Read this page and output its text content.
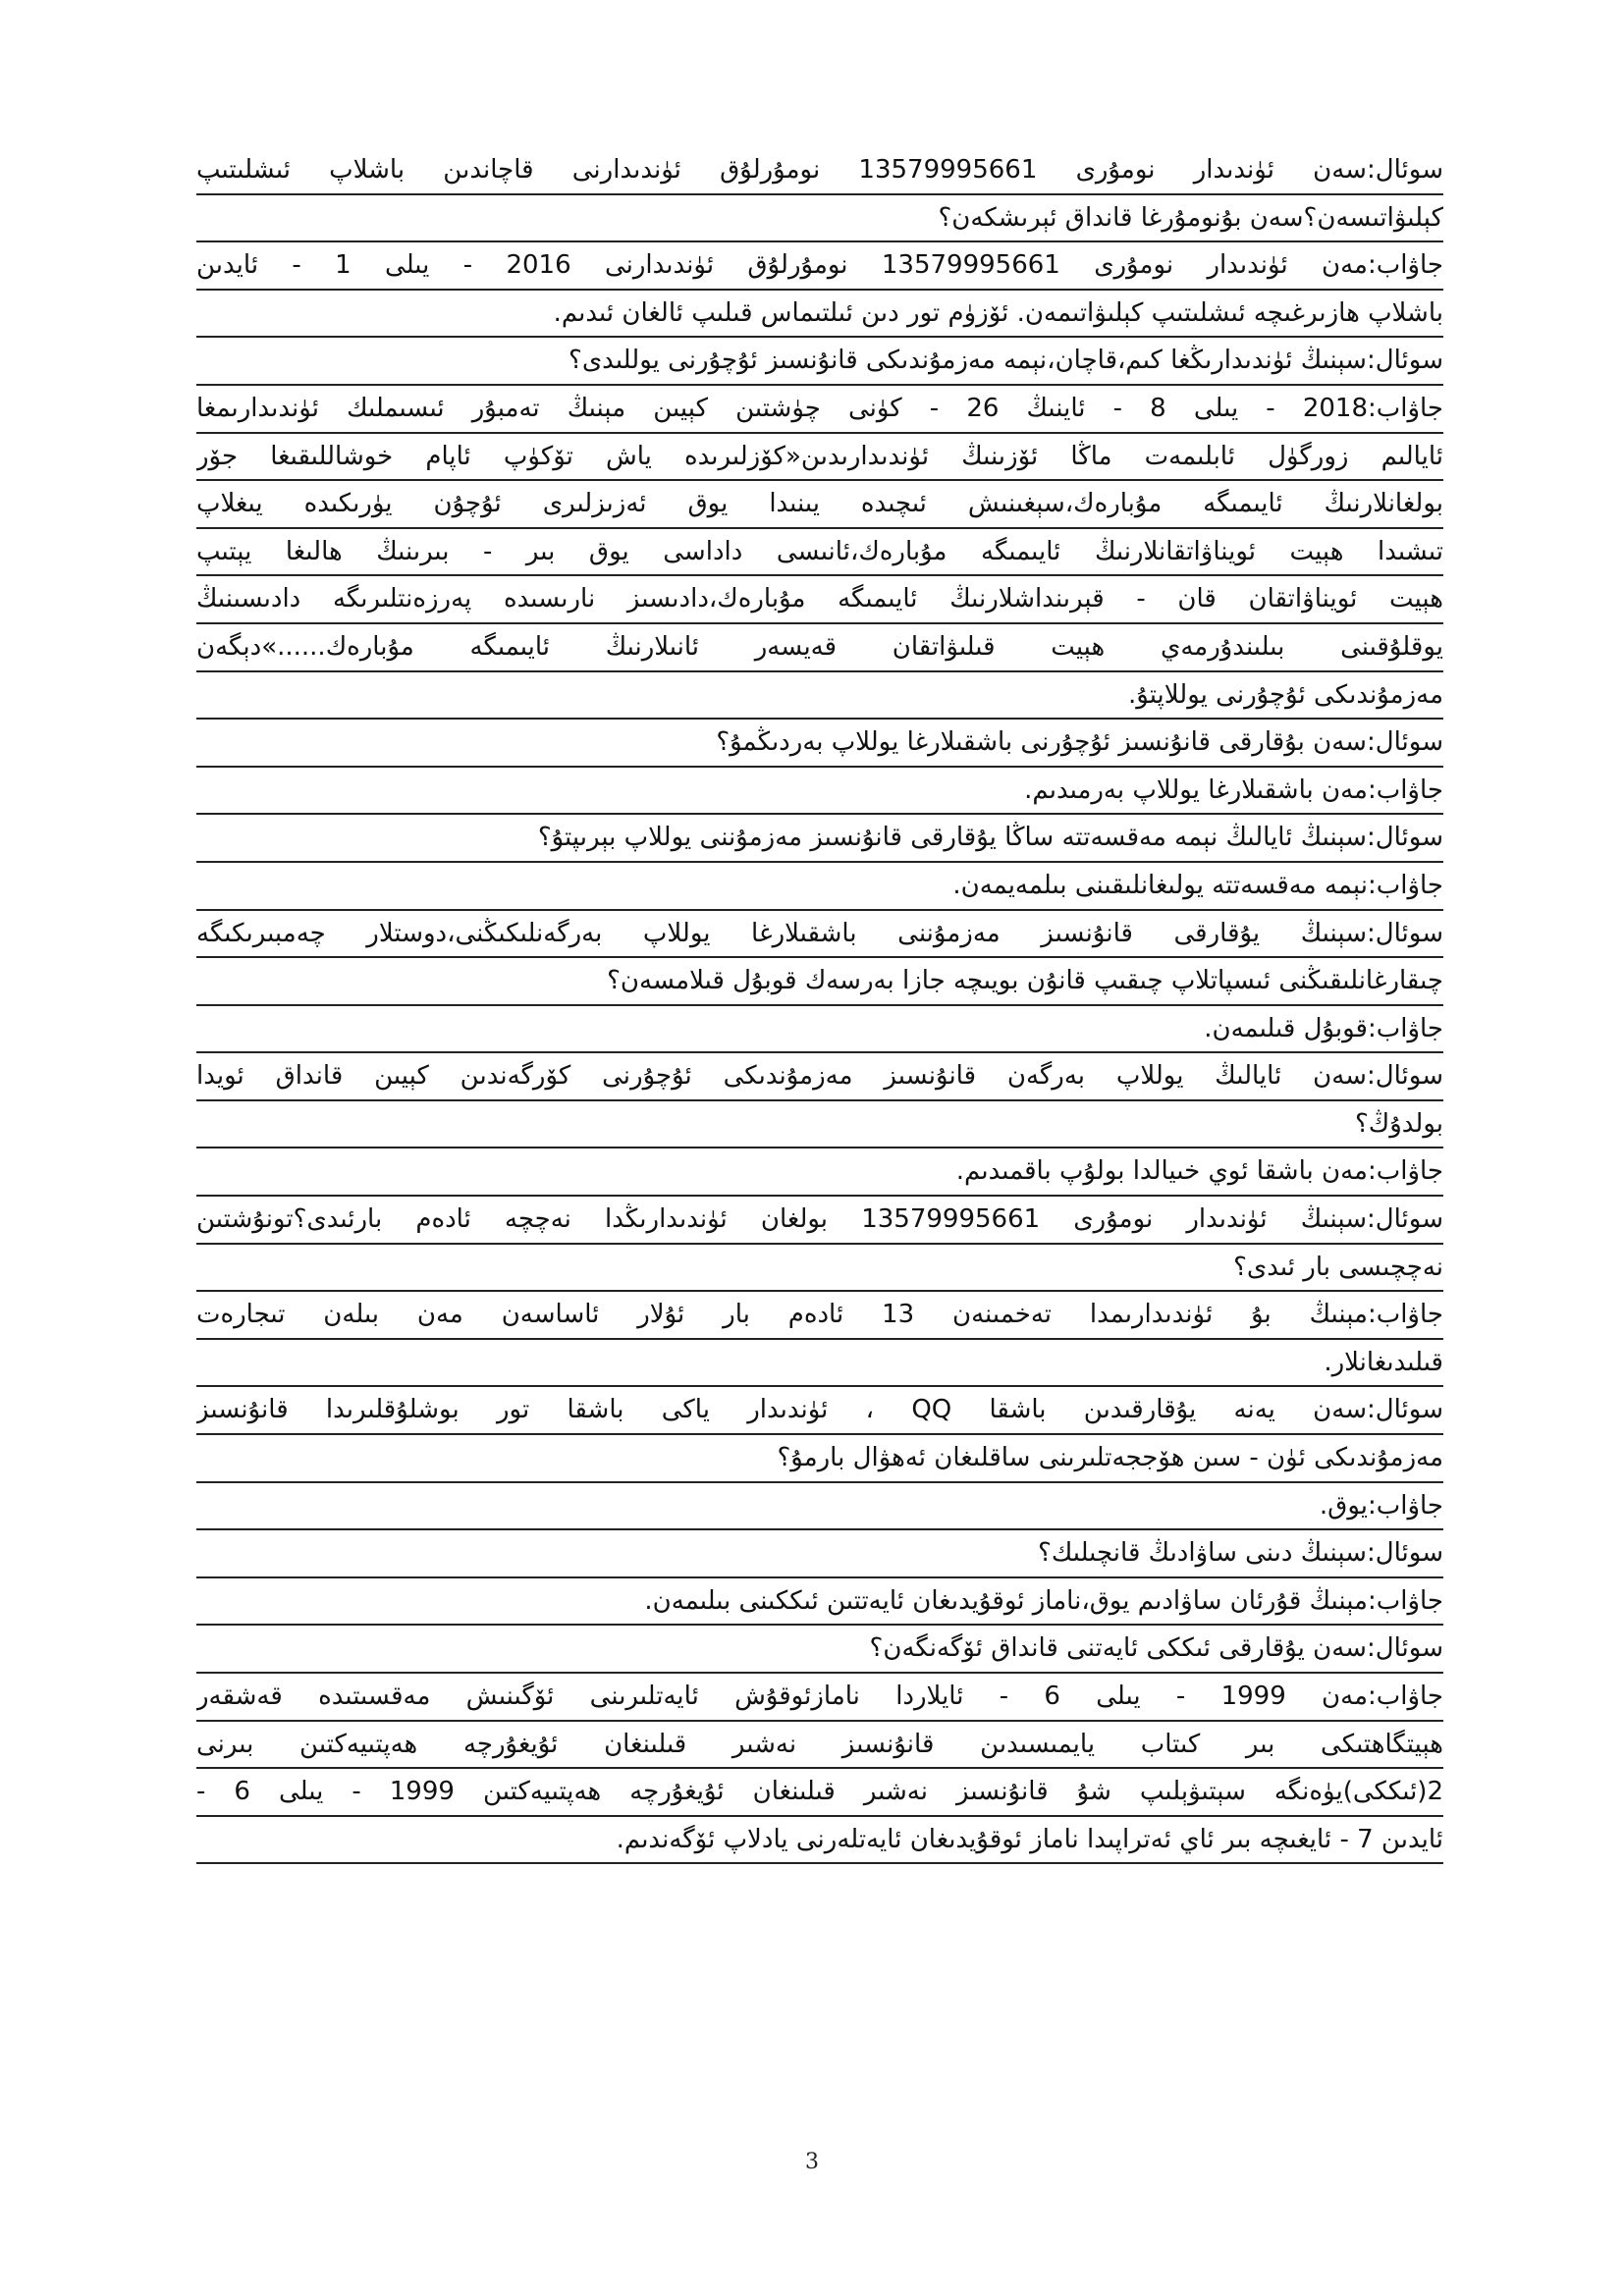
سوئال:سەن ئۈندىدار نومۇرى 13579995661 نومۇرلۇق ئۈندىدارنى قاچاندىن باشلاپ ئىشلىتىپ
كېلىۋاتىسەن؟سەن بۇنومۇرغا قانداق ئېرىشكەن؟
جاۋاب:مەن ئۈندىدار نومۇرى 13579995661 نومۇرلۇق ئۈندىدارنى 2016 - يىلى 1 - ئايدىن
باشلاپ ھازىرغىچە ئىشلىتىپ كېلىۋاتىمەن. ئۆزۈم تور دىن ئىلتىماس قىلىپ ئالغان ئىدىم.
سوئال:سېنىڭ ئۈندىدارىڭغا كىم،قاچان،نېمە مەزمۇندىكى قانۇنسىز ئۇچۇرنى يوللىدى؟
جاۋاب:2018 - يىلى 8 - ئاينىڭ 26 - كۈنى چۈشتىن كېيىن مېنىڭ تەمبۇر ئىسىملىك ئۈندىدارىمغا
ئايالىم زورگۈل ئابلىمەت ماڭا ئۆزىنىڭ ئۈندىدارىدىن«كۆزلىرىدە ياش تۆكۈپ ئاپام خوشاللىقىغا جۆر
بولغانلارنىڭ ئايىمىگە مۇبارەك،سېغىنىش ئىچىدە يىنىدا يوق ئەزىزلىرى ئۇچۇن يۈرىكىدە يىغلاپ
تىشىدا ھېيت ئويناۋاتقانلارنىڭ ئايىمىگە مۇبارەك،ئانىسى داداسى يوق بىر - بىرىنىڭ ھالىغا يېتىپ
ھېيت ئويناۋاتقان قان - قېرىنداشلارنىڭ ئايىمىگە مۇبارەك،دادىسىز نارىسىدە پەرزەنتلىرىگە دادىسىنىڭ
يوقلۇقىنى بىلىندۇرمەي ھېيت قىلىۋاتقان قەيسەر ئانىلارنىڭ ئايىمىگە مۇبارەك......»دېگەن
مەزمۇندىكى ئۇچۇرنى يوللاپتۇ.
سوئال:سەن بۇقارقى قانۇنسىز ئۇچۇرنى باشقىلارغا يوللاپ بەردىڭمۇ؟
جاۋاب:مەن باشقىلارغا يوللاپ بەرمىدىم.
سوئال:سېنىڭ ئايالىڭ نېمە مەقسەتتە ساڭا يۇقارقى قانۇنسىز مەزمۇننى يوللاپ بېرىپتۇ؟
جاۋاب:نېمە مەقسەتتە يولىغانلىقىنى بىلمەيمەن.
سوئال:سېنىڭ يۇقارقى قانۇنسىز مەزمۇننى باشقىلارغا يوللاپ بەرگەنلىكىڭنى،دوستلار چەمبىرىكىگە
چىقارغانلىقىڭنى ئىسپاتلاپ چىقىپ قانۇن بويىچە جازا بەرسەك قوبۇل قىلامسەن؟
جاۋاب:قوبۇل قىلىمەن.
سوئال:سەن ئايالىڭ يوللاپ بەرگەن قانۇنسىز مەزمۇندىكى ئۇچۇرنى كۆرگەندىن كېيىن قانداق ئويدا
بولدۇڭ؟
جاۋاب:مەن باشقا ئوي خىيالدا بولۇپ باقمىدىم.
سوئال:سېنىڭ ئۈندىدار نومۇرى 13579995661 بولغان ئۈندىدارىڭدا نەچچە ئادەم بارئىدى؟تونۇشتىن
نەچچىسى بار ئىدى؟
جاۋاب:مېنىڭ بۇ ئۈندىدارىمدا تەخمىنەن 13 ئادەم بار ئۇلار ئاساسەن مەن بىلەن تىجارەت
قىلىدىغانلار.
سوئال:سەن يەنە يۇقارقىدىن باشقا QQ ، ئۈندىدار ياكى باشقا تور بوشلۇقلىرىدا قانۇنسىز
مەزمۇندىكى ئۈن - سىن ھۆججەتلىرىنى ساقلىغان ئەھۋال بارمۇ؟
جاۋاب:يوق.
سوئال:سېنىڭ دىنى ساۋادىڭ قانچىلىك؟
جاۋاب:مېنىڭ قۇرئان ساۋادىم يوق،ناماز ئوقۇيدىغان ئايەتتىن ئىككىنى بىلىمەن.
سوئال:سەن يۇقارقى ئىككى ئايەتنى قانداق ئۆگەنگەن؟
جاۋاب:مەن 1999 - يىلى 6 - ئايلاردا نامازئوقۇش ئايەتلىرىنى ئۆگىنىش مەقسىتىدە قەشقەر
ھېيتگاھتىكى بىر كىتاب يايمىسىدىن قانۇنسىز نەشىر قىلىنغان ئۇيغۇرچە ھەپتىيەكتىن بىرنى
2(ئىككى)يۈەنگە سېتىۋېلىپ شۇ قانۇنسىز نەشىر قىلىنغان ئۇيغۇرچە ھەپتىيەكتىن 1999 - يىلى 6 -
ئايدىن 7 - ئايغىچە بىر ئاي ئەتراپىدا ناماز ئوقۇيدىغان ئايەتلەرنى يادلاپ ئۆگەندىم.
3
